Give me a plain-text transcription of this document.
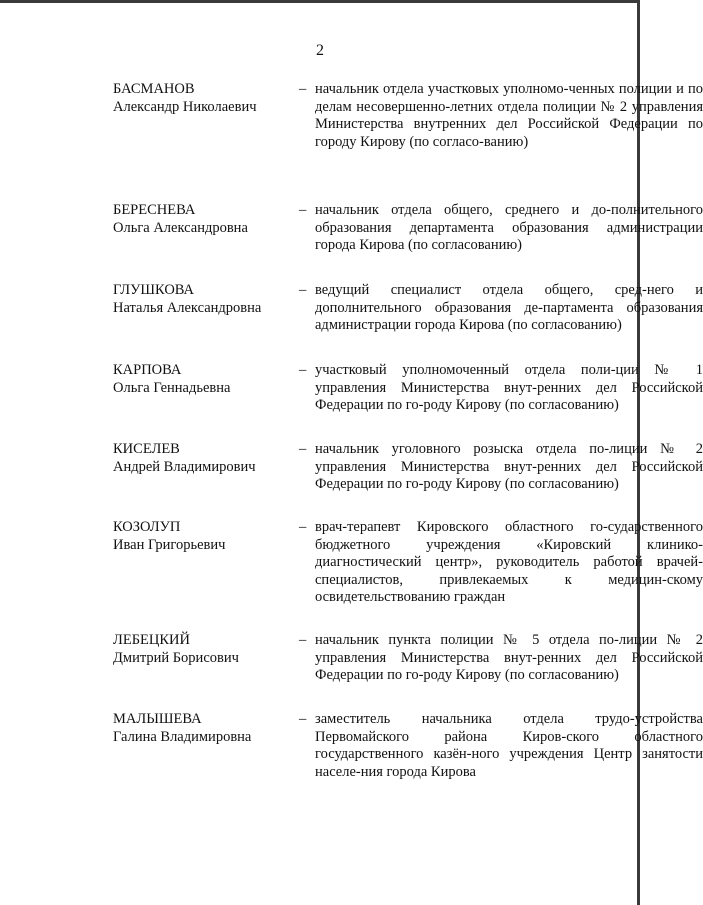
2
БАСМАНОВ
Александр Николаевич
– начальник отдела участковых уполномо-ченных полиции и по делам несовершенно-летних отдела полиции № 2 управления Министерства внутренних дел Российской Федерации по городу Кирову (по согласо-ванию)
БЕРЕСНЕВА
Ольга Александровна
– начальник отдела общего, среднего и до-полнительного образования департамента образования администрации города Кирова (по согласованию)
ГЛУШКОВА
Наталья Александровна
– ведущий специалист отдела общего, сред-него и дополнительного образования де-партамента образования администрации города Кирова (по согласованию)
КАРПОВА
Ольга Геннадьевна
– участковый уполномоченный отдела поли-ции № 1 управления Министерства внут-ренних дел Российской Федерации по го-роду Кирову (по согласованию)
КИСЕЛЕВ
Андрей Владимирович
– начальник уголовного розыска отдела по-лиции № 2 управления Министерства внут-ренних дел Российской Федерации по го-роду Кирову (по согласованию)
КОЗОЛУП
Иван Григорьевич
– врач-терапевт Кировского областного го-сударственного бюджетного учреждения «Кировский клинико-диагностический центр», руководитель работой врачей-специалистов, привлекаемых к медицин-скому освидетельствованию граждан
ЛЕБЕЦКИЙ
Дмитрий Борисович
– начальник пункта полиции № 5 отдела по-лиции № 2 управления Министерства внут-ренних дел Российской Федерации по го-роду Кирову (по согласованию)
МАЛЫШЕВА
Галина Владимировна
– заместитель начальника отдела трудо-устройства Первомайского района Киров-ского областного государственного казён-ного учреждения Центр занятости населе-ния города Кирова
